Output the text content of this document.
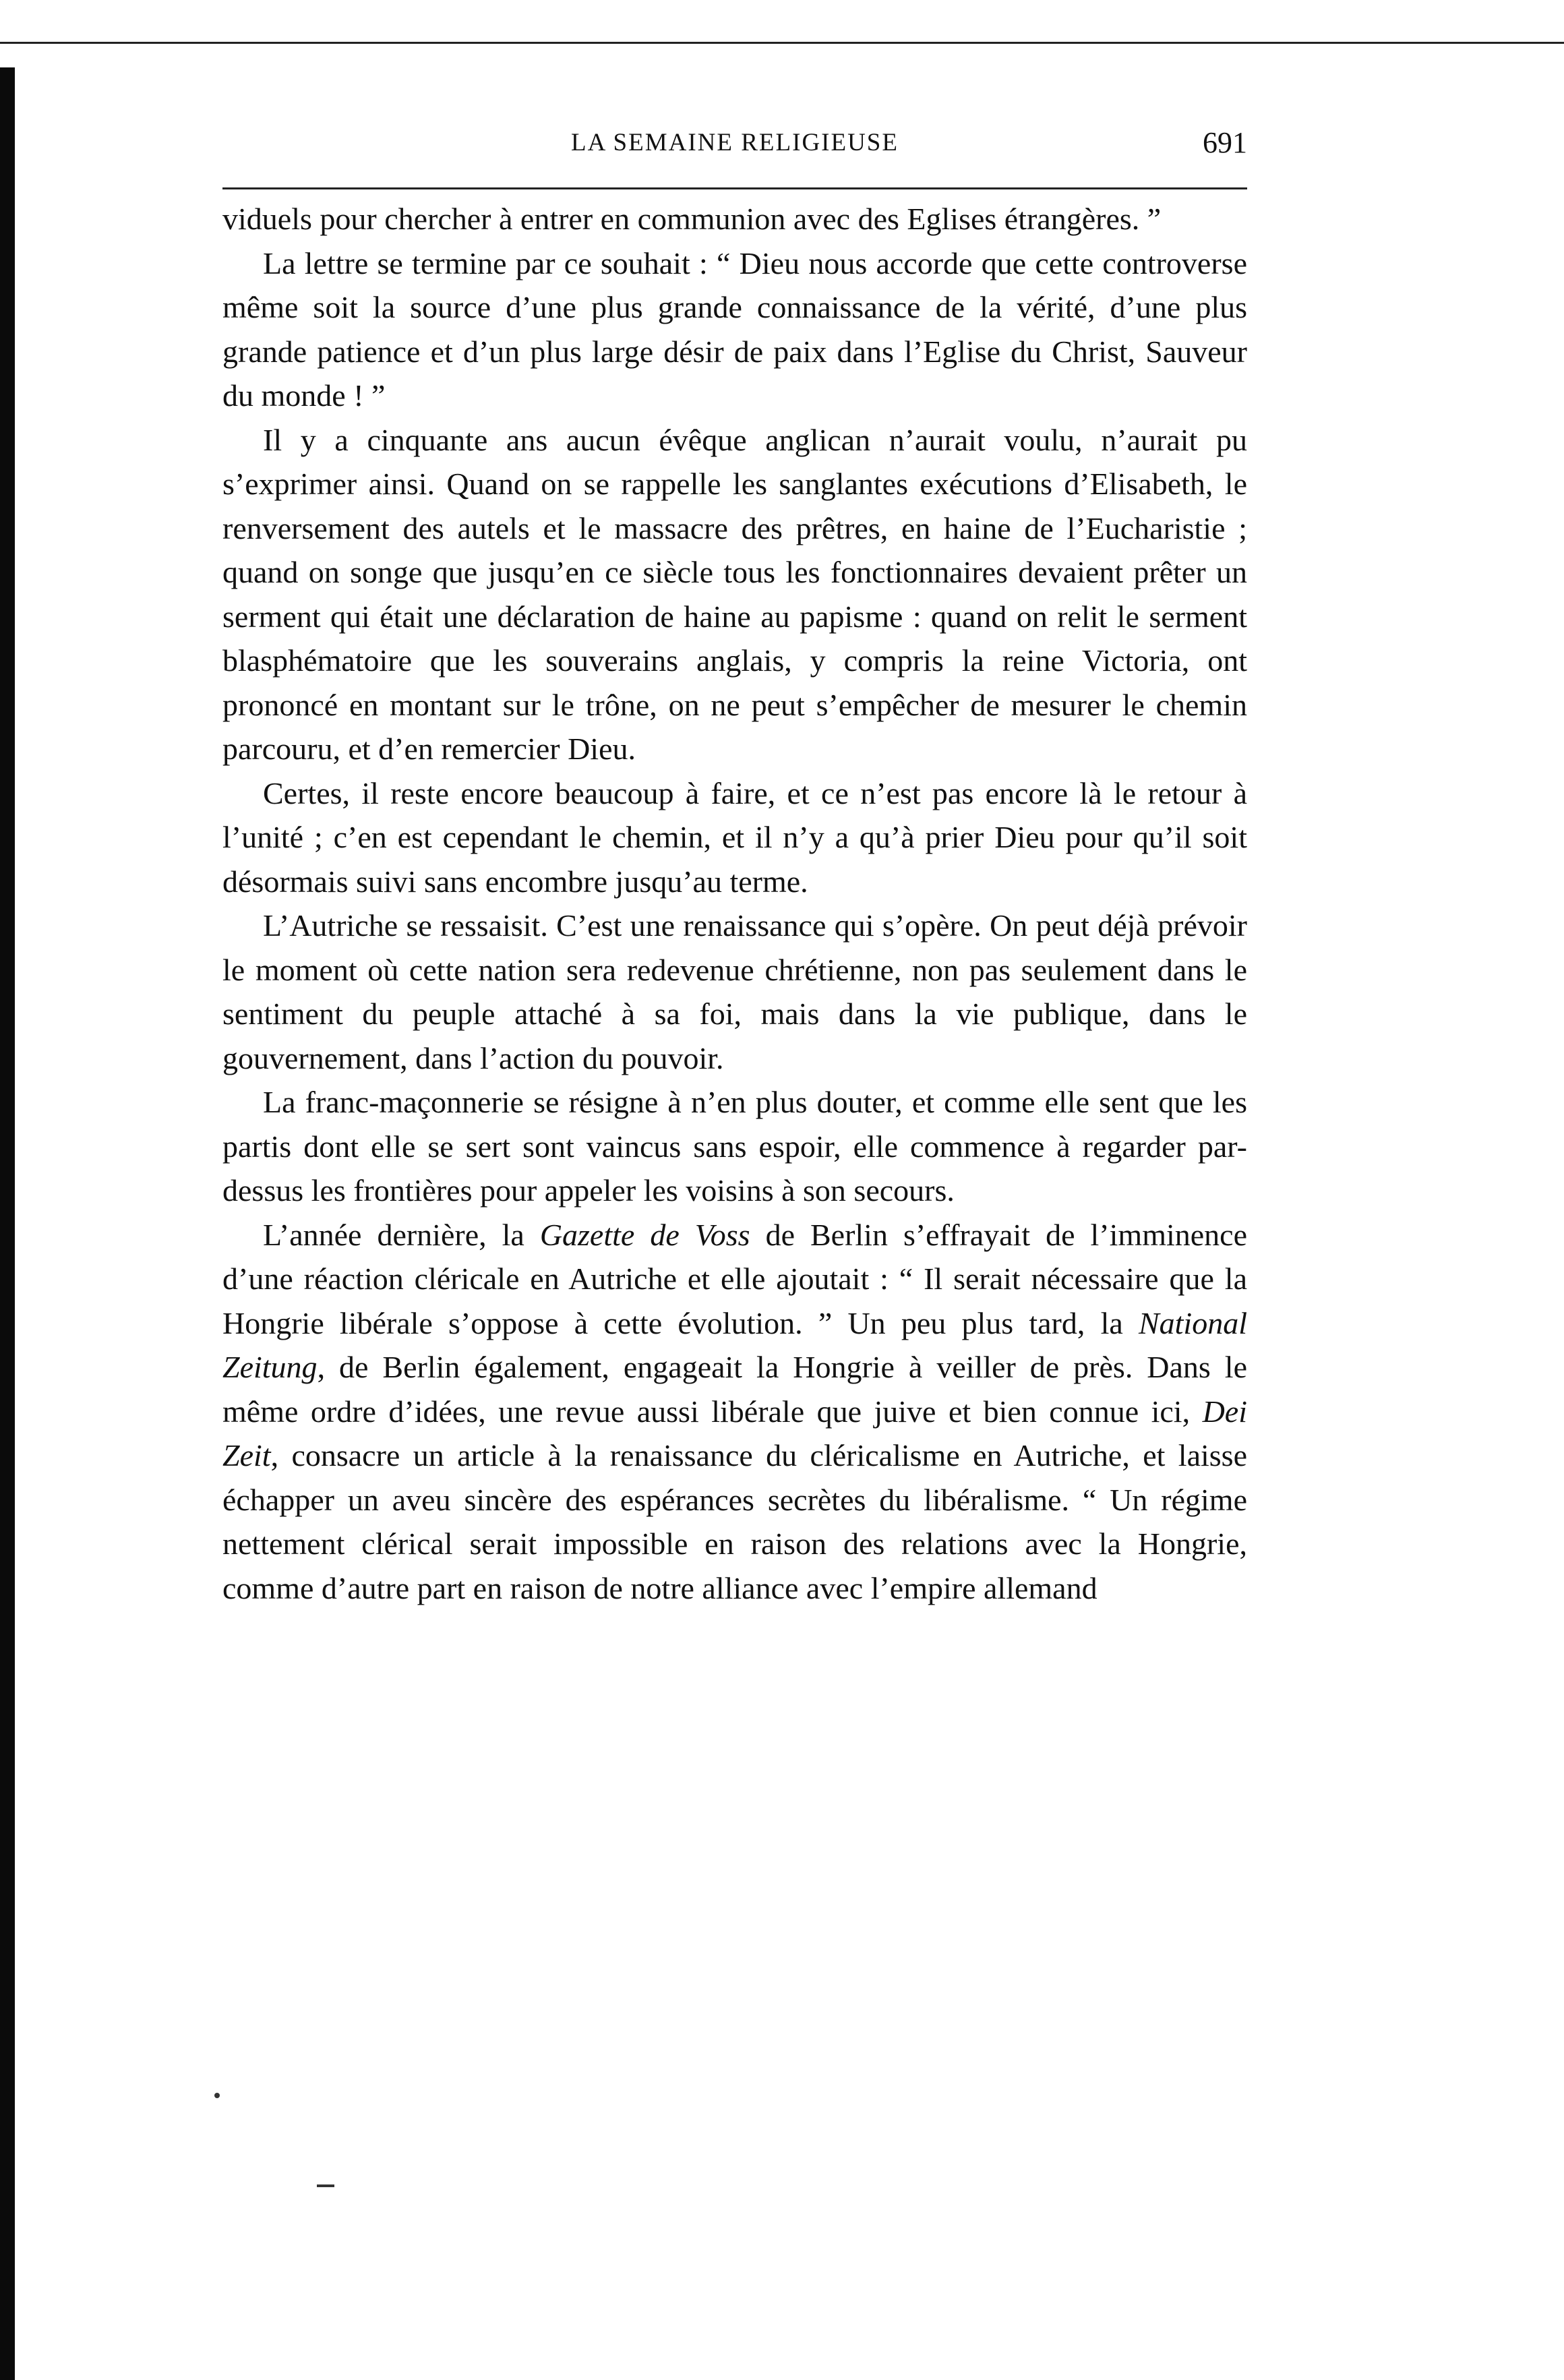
LA SEMAINE RELIGIEUSE	691

viduels pour chercher à entrer en communion avec des Eglises étrangères. ”

La lettre se termine par ce souhait : “ Dieu nous accorde que cette controverse même soit la source d’une plus grande connaissance de la vérité, d’une plus grande patience et d’un plus large désir de paix dans l’Eglise du Christ, Sauveur du monde ! ”

Il y a cinquante ans aucun évêque anglican n’aurait voulu, n’aurait pu s’exprimer ainsi. Quand on se rappelle les sanglantes exécutions d’Elisabeth, le renversement des autels et le massacre des prêtres, en haine de l’Eucharistie ; quand on songe que jusqu’en ce siècle tous les fonctionnaires devaient prêter un serment qui était une déclaration de haine au papisme : quand on relit le serment blasphématoire que les souverains anglais, y compris la reine Victoria, ont prononcé en montant sur le trône, on ne peut s’empêcher de mesurer le chemin parcouru, et d’en remercier Dieu.

Certes, il reste encore beaucoup à faire, et ce n’est pas encore là le retour à l’unité ; c’en est cependant le chemin, et il n’y a qu’à prier Dieu pour qu’il soit désormais suivi sans encombre jusqu’au terme.

L’Autriche se ressaisit. C’est une renaissance qui s’opère. On peut déjà prévoir le moment où cette nation sera redevenue chrétienne, non pas seulement dans le sentiment du peuple attaché à sa foi, mais dans la vie publique, dans le gouvernement, dans l’action du pouvoir.

La franc-maçonnerie se résigne à n’en plus douter, et comme elle sent que les partis dont elle se sert sont vaincus sans espoir, elle commence à regarder par-dessus les frontières pour appeler les voisins à son secours.

L’année dernière, la Gazette de Voss de Berlin s’effrayait de l’imminence d’une réaction cléricale en Autriche et elle ajoutait : “ Il serait nécessaire que la Hongrie libérale s’oppose à cette évolution. ” Un peu plus tard, la National Zeitung, de Berlin également, engageait la Hongrie à veiller de près. Dans le même ordre d’idées, une revue aussi libérale que juive et bien connue ici, Dei Zeit, consacre un article à la renaissance du cléricalisme en Autriche, et laisse échapper un aveu sincère des espérances secrètes du libéralisme. “ Un régime nettement clérical serait impossible en raison des relations avec la Hongrie, comme d’autre part en raison de notre alliance avec l’empire allemand
